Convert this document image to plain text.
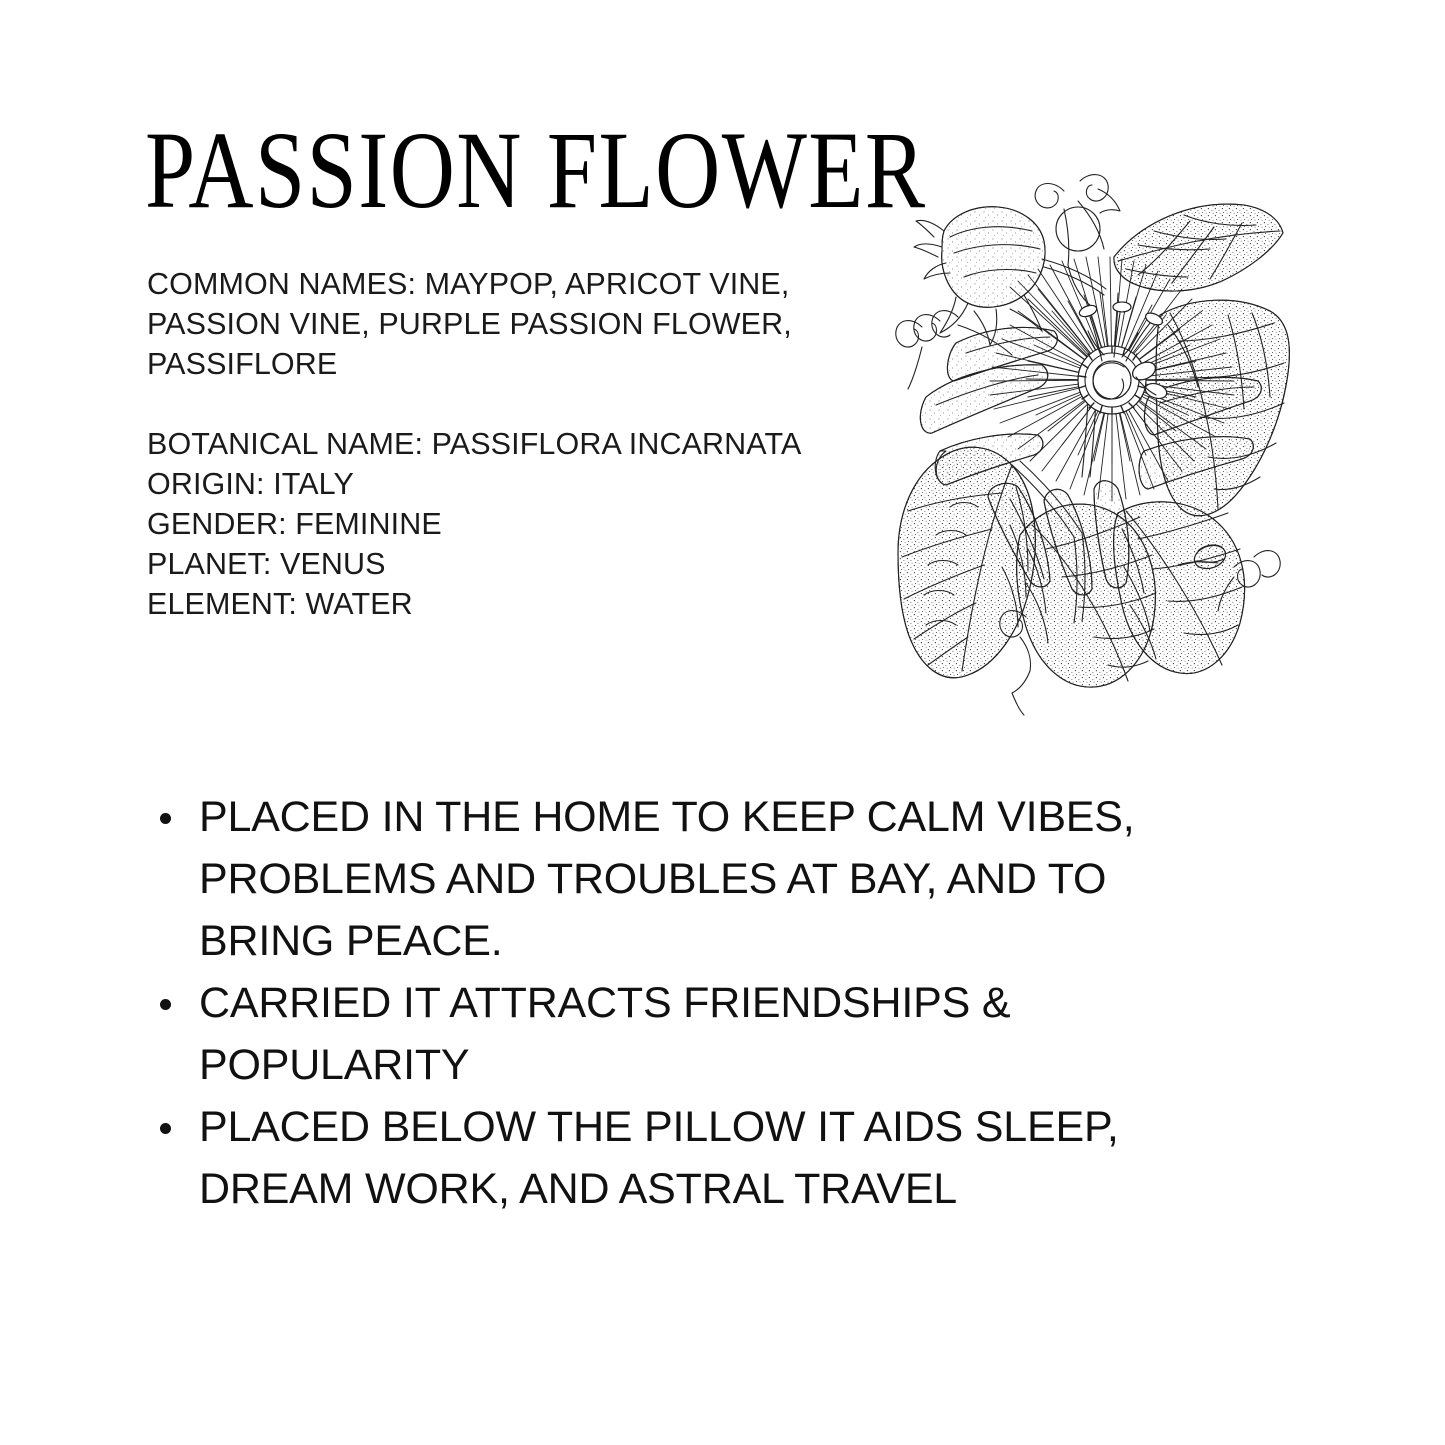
PASSION FLOWER
COMMON NAMES: MAYPOP, APRICOT VINE,
PASSION VINE, PURPLE PASSION FLOWER,
PASSIFLORE
BOTANICAL NAME: PASSIFLORA INCARNATA
ORIGIN: ITALY
GENDER: FEMININE
PLANET: VENUS
ELEMENT: WATER
PLACED IN THE HOME TO KEEP CALM VIBES, PROBLEMS AND TROUBLES AT BAY, AND TO BRING PEACE.
CARRIED IT ATTRACTS FRIENDSHIPS & POPULARITY
PLACED BELOW THE PILLOW IT AIDS SLEEP, DREAM WORK, AND ASTRAL TRAVEL
